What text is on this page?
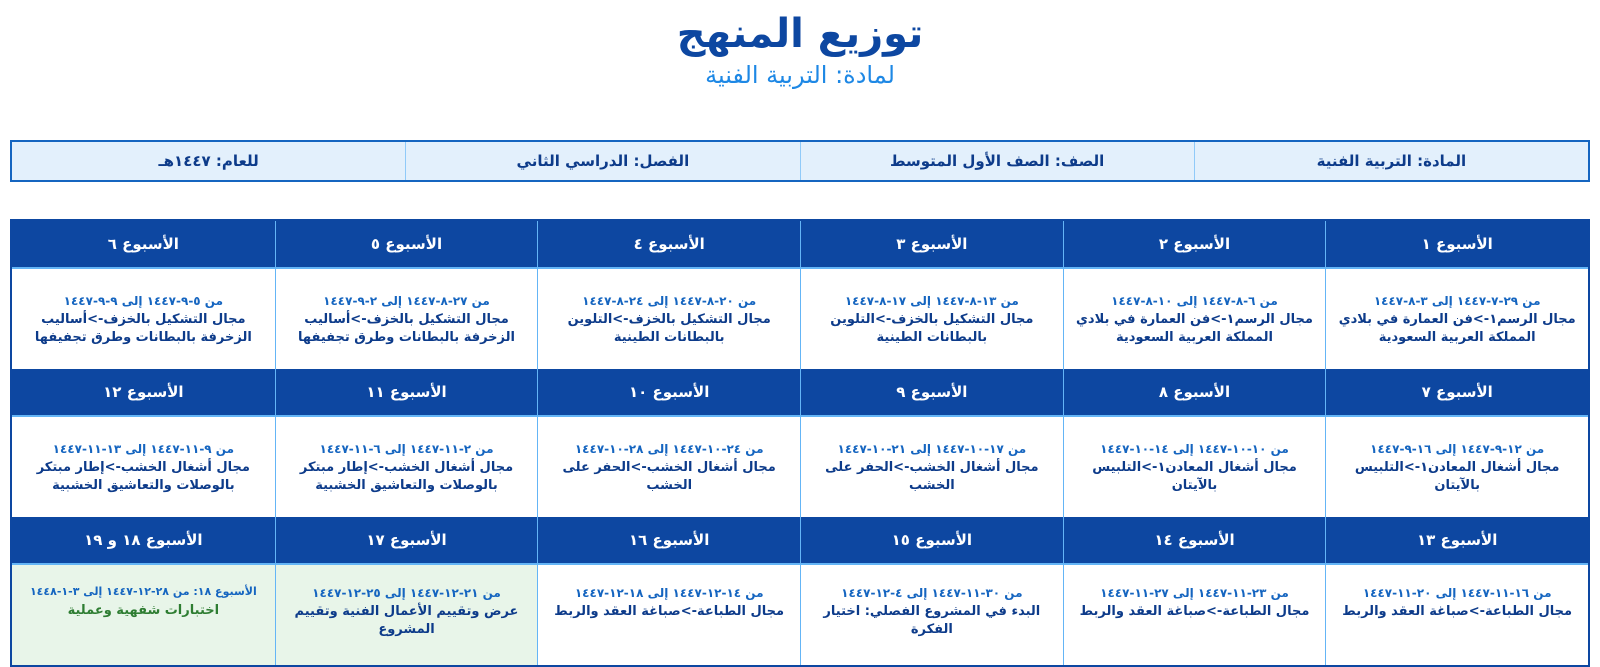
توزيع المنهج
لمادة: التربية الفنية
المادة: التربية الفنية
الصف: الصف الأول المتوسط
الفصل: الدراسي الثاني
للعام: ١٤٤٧هـ
الأسبوع ١
من ٢٩-٧-١٤٤٧ إلى ٣-٨-١٤٤٧
مجال الرسم١->فن العمارة في بلادي المملكة العربية السعودية
الأسبوع ٢
من ٦-٨-١٤٤٧ إلى ١٠-٨-١٤٤٧
مجال الرسم١->فن العمارة في بلادي المملكة العربية السعودية
الأسبوع ٣
من ١٣-٨-١٤٤٧ إلى ١٧-٨-١٤٤٧
مجال التشكيل بالخزف->التلوين بالبطانات الطينية
الأسبوع ٤
من ٢٠-٨-١٤٤٧ إلى ٢٤-٨-١٤٤٧
مجال التشكيل بالخزف->التلوين بالبطانات الطينية
الأسبوع ٥
من ٢٧-٨-١٤٤٧ إلى ٢-٩-١٤٤٧
مجال التشكيل بالخزف->أساليب الزخرفة بالبطانات وطرق تجفيفها
الأسبوع ٦
من ٥-٩-١٤٤٧ إلى ٩-٩-١٤٤٧
مجال التشكيل بالخزف->أساليب الزخرفة بالبطانات وطرق تجفيفها
الأسبوع ٧
من ١٢-٩-١٤٤٧ إلى ١٦-٩-١٤٤٧
مجال أشغال المعادن١->التلبيس بالآيتان
الأسبوع ٨
من ١٠-١٠-١٤٤٧ إلى ١٤-١٠-١٤٤٧
مجال أشغال المعادن١->التلبيس بالآيتان
الأسبوع ٩
من ١٧-١٠-١٤٤٧ إلى ٢١-١٠-١٤٤٧
مجال أشغال الخشب->الحفر على الخشب
الأسبوع ١٠
من ٢٤-١٠-١٤٤٧ إلى ٢٨-١٠-١٤٤٧
مجال أشغال الخشب->الحفر على الخشب
الأسبوع ١١
من ٢-١١-١٤٤٧ إلى ٦-١١-١٤٤٧
مجال أشغال الخشب->إطار مبتكر بالوصلات والتعاشيق الخشبية
الأسبوع ١٢
من ٩-١١-١٤٤٧ إلى ١٣-١١-١٤٤٧
مجال أشغال الخشب->إطار مبتكر بالوصلات والتعاشيق الخشبية
الأسبوع ١٣
من ١٦-١١-١٤٤٧ إلى ٢٠-١١-١٤٤٧
مجال الطباعة->صباغة العقد والربط
الأسبوع ١٤
من ٢٣-١١-١٤٤٧ إلى ٢٧-١١-١٤٤٧
مجال الطباعة->صباغة العقد والربط
الأسبوع ١٥
من ٣٠-١١-١٤٤٧ إلى ٤-١٢-١٤٤٧
البدء في المشروع الفصلي: اختيار الفكرة
الأسبوع ١٦
من ١٤-١٢-١٤٤٧ إلى ١٨-١٢-١٤٤٧
مجال الطباعة->صباغة العقد والربط
الأسبوع ١٧
من ٢١-١٢-١٤٤٧ إلى ٢٥-١٢-١٤٤٧
عرض وتقييم الأعمال الفنية وتقييم المشروع
الأسبوع ١٨ و ١٩
الأسبوع ١٨: من ٢٨-١٢-١٤٤٧ إلى ٣-١-١٤٤٨
اختبارات شفهية وعملية
